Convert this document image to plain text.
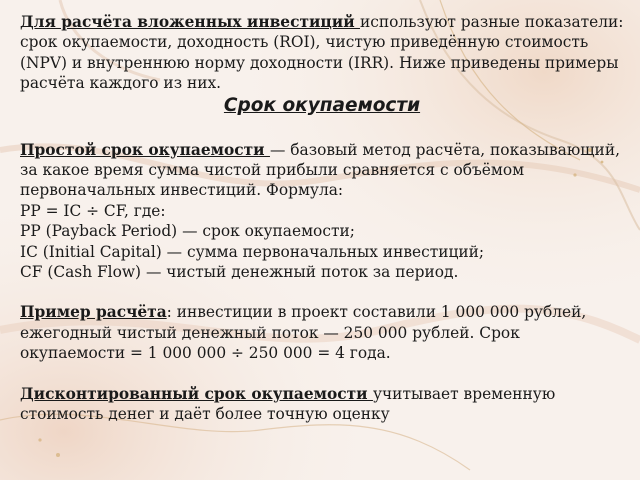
Для расчёта вложенных инвестиций используют разные показатели: срок окупаемости, доходность (ROI), чистую приведённую стоимость (NPV) и внутреннюю норму доходности (IRR). Ниже приведены примеры расчёта каждого из них.

Срок окупаемости

Простой срок окупаемости — базовый метод расчёта, показывающий, за какое время сумма чистой прибыли сравняется с объёмом первоначальных инвестиций. Формула:

PP = IC ÷ CF, где:

PP (Payback Period) — срок окупаемости;

IC (Initial Capital) — сумма первоначальных инвестиций;

CF (Cash Flow) — чистый денежный поток за период.

Пример расчёта: инвестиции в проект составили 1 000 000 рублей, ежегодный чистый денежный поток — 250 000 рублей. Срок окупаемости = 1 000 000 ÷ 250 000 = 4 года.

Дисконтированный срок окупаемости учитывает временную стоимость денег и даёт более точную оценку
